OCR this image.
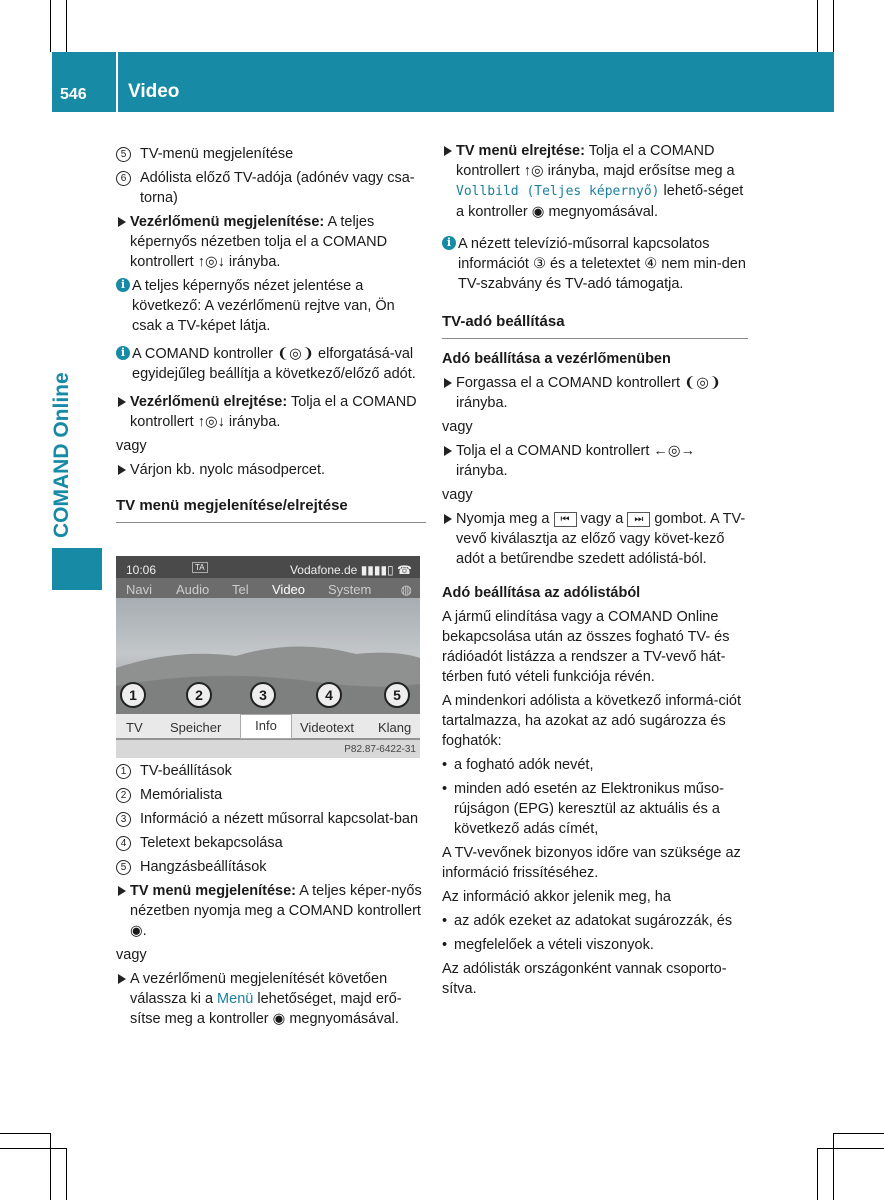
546 Video
COMAND Online
5 TV-menü megjelenítése
6 Adólista előző TV-adója (adónév vagy csa-torna)
Vezérlőmenü megjelenítése: A teljes képernyős nézetben tolja el a COMAND kontrollert ↑◎↓ irányba.
i A teljes képernyős nézet jelentése a következő: A vezérlőmenü rejtve van, Ön csak a TV-képet látja.
i A COMAND kontroller ❨◎❩ elforgatásá-val egyidejűleg beállítja a következő/előző adót.
Vezérlőmenü elrejtése: Tolja el a COMAND kontrollert ↑◎↓ irányba.

vagy

Várjon kb. nyolc másodpercet.
TV menü megjelenítése/elrejtése
1 TV-beállítások
2 Memórialista
3 Információ a nézett műsorral kapcsolat-ban
4 Teletext bekapcsolása
5 Hangzásbeállítások
TV menü megjelenítése: A teljes képer-nyős nézetben nyomja meg a COMAND kontrollert ◉.

vagy

A vezérlőmenü megjelenítését követően válassza ki a Menü lehetőséget, majd erő-sítse meg a kontroller ◉ megnyomásával.
10:06	TA	Vodafone.de ▮▮▮▮▯ ☎
Navi Audio Tel Video System ◍
TV Speicher	Info	Videotext Klang
P82.87-6422-31
1	2	3	4	5
TV menü elrejtése: Tolja el a COMAND kontrollert ↑◎ irányba, majd erősítse meg a Vollbild (Teljes képernyő) lehető-séget a kontroller ◉ megnyomásával.
i A nézett televízió-műsorral kapcsolatos információt ③ és a teletextet ④ nem min-den TV-szabvány és TV-adó támogatja.
TV-adó beállítása
Adó beállítása a vezérlőmenüben
Forgassa el a COMAND kontrollert ❨◎❩ irányba.

vagy

Tolja el a COMAND kontrollert ←◎→ irányba.

vagy

Nyomja meg a ⏮ vagy a ⏭ gombot. A TV-vevő kiválasztja az előző vagy követ-kező adót a betűrendbe szedett adólistá-ból.
Adó beállítása az adólistából

A jármű elindítása vagy a COMAND Online bekapcsolása után az összes fogható TV- és rádióadót listázza a rendszer a TV-vevő hát-térben futó vételi funkciója révén.

A mindenkori adólista a következő informá-ciót tartalmazza, ha azokat az adó sugározza és foghatók:

• a fogható adók nevét,
• minden adó esetén az Elektronikus műso-rújságon (EPG) keresztül az aktuális és a következő adás címét,

A TV-vevőnek bizonyos időre van szüksége az információ frissítéséhez.

Az információ akkor jelenik meg, ha

• az adók ezeket az adatokat sugározzák, és
• megfelelőek a vételi viszonyok.

Az adólisták országonként vannak csoporto-sítva.
